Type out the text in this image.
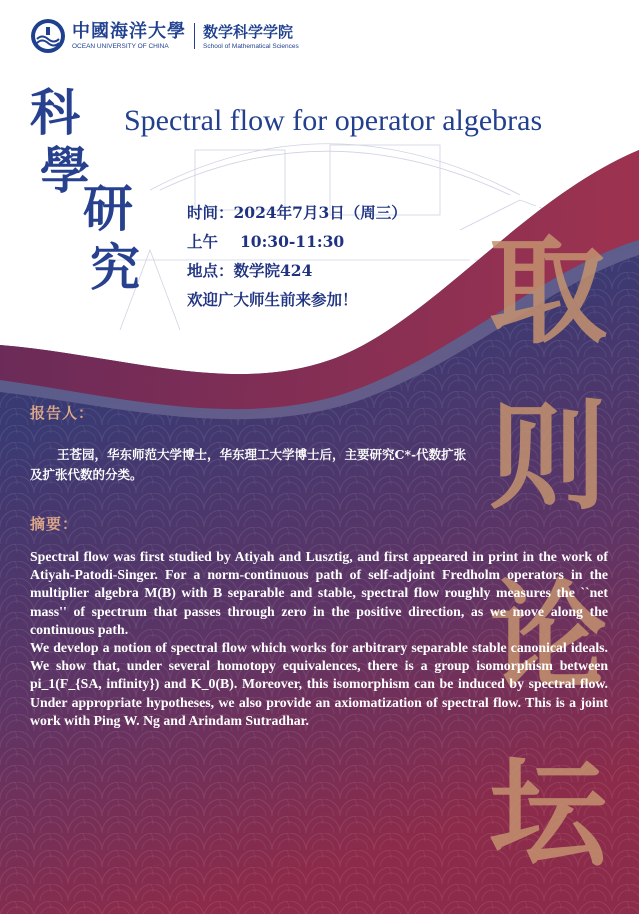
中國海洋大學
OCEAN UNIVERSITY OF CHINA
数学科学学院
School of Mathematical Sciences
科
學
研
究
Spectral flow for operator algebras
时间：2024年7月3日（周三）
上午 10:30-11:30
地点：数学院424
欢迎广大师生前来参加！	取
则
论
坛
报告人：
王苍园，华东师范大学博士，华东理工大学博士后，主要研究C*-代数扩张及扩张代数的分类。
摘要：

Spectral flow was first studied by Atiyah and Lusztig, and first appeared in print in the work of Atiyah-Patodi-Singer. For a norm-continuous path of self-adjoint Fredholm operators in the multiplier algebra M(B) with B separable and stable, spectral flow roughly measures the ``net mass'' of spectrum that passes through zero in the positive direction, as we move along the continuous path.

We develop a notion of spectral flow which works for arbitrary separable stable canonical ideals. We show that, under several homotopy equivalences, there is a group isomorphism between pi_1(F_{SA, infinity}) and K_0(B). Moreover, this isomorphism can be induced by spectral flow. Under appropriate hypotheses, we also provide an axiomatization of spectral flow. This is a joint work with Ping W. Ng and Arindam Sutradhar.
